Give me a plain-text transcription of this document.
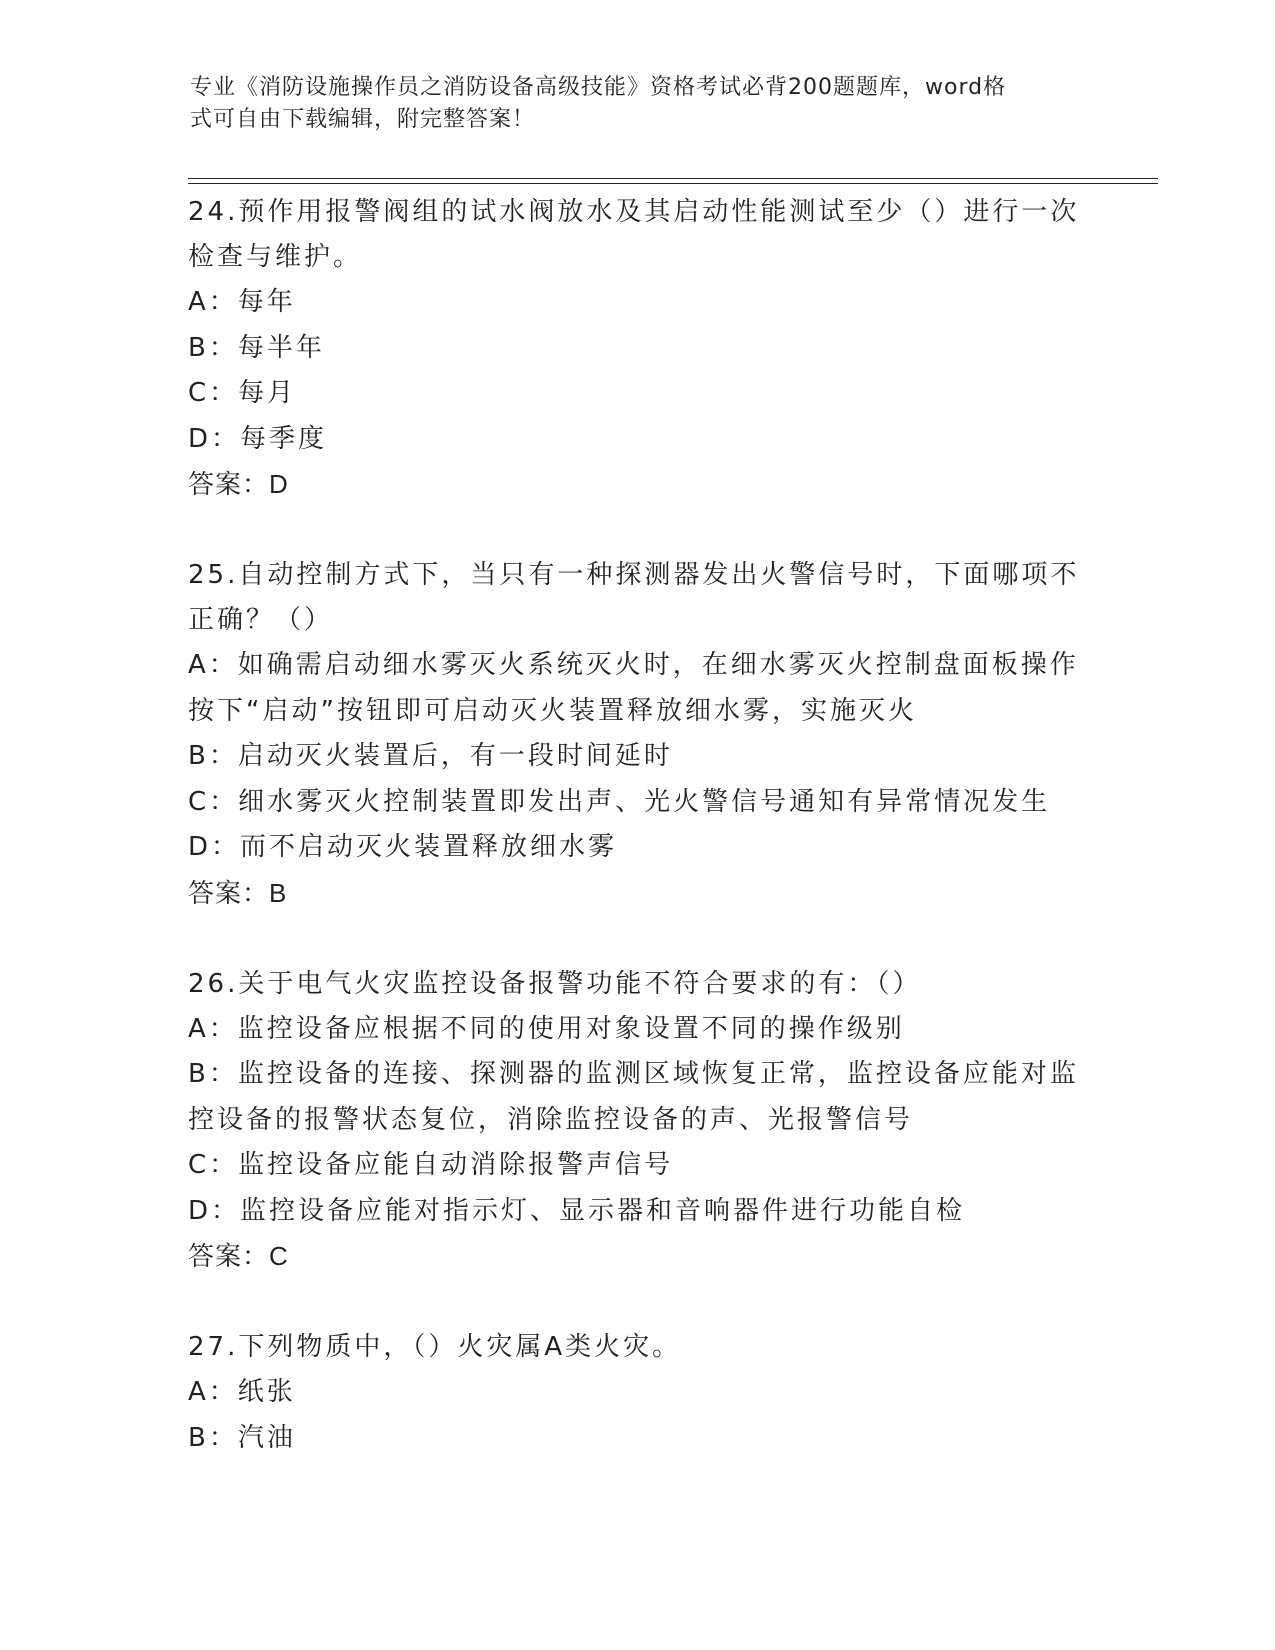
专业《消防设施操作员之消防设备高级技能》资格考试必背200题题库，word格
式可自由下载编辑，附完整答案！

24.预作用报警阀组的试水阀放水及其启动性能测试至少（）进行一次

检查与维护。

A：每年

B：每半年

C：每月

D：每季度

答案：D

25.自动控制方式下，当只有一种探测器发出火警信号时，下面哪项不

正确？（）

A：如确需启动细水雾灭火系统灭火时，在细水雾灭火控制盘面板操作

按下“启动”按钮即可启动灭火装置释放细水雾，实施灭火

B：启动灭火装置后，有一段时间延时

C：细水雾灭火控制装置即发出声、光火警信号通知有异常情况发生

D：而不启动灭火装置释放细水雾

答案：B

26.关于电气火灾监控设备报警功能不符合要求的有：（）

A：监控设备应根据不同的使用对象设置不同的操作级别

B：监控设备的连接、探测器的监测区域恢复正常，监控设备应能对监

控设备的报警状态复位，消除监控设备的声、光报警信号

C：监控设备应能自动消除报警声信号

D：监控设备应能对指示灯、显示器和音响器件进行功能自检

答案：C

27.下列物质中，（）火灾属A类火灾。

A：纸张

B：汽油
